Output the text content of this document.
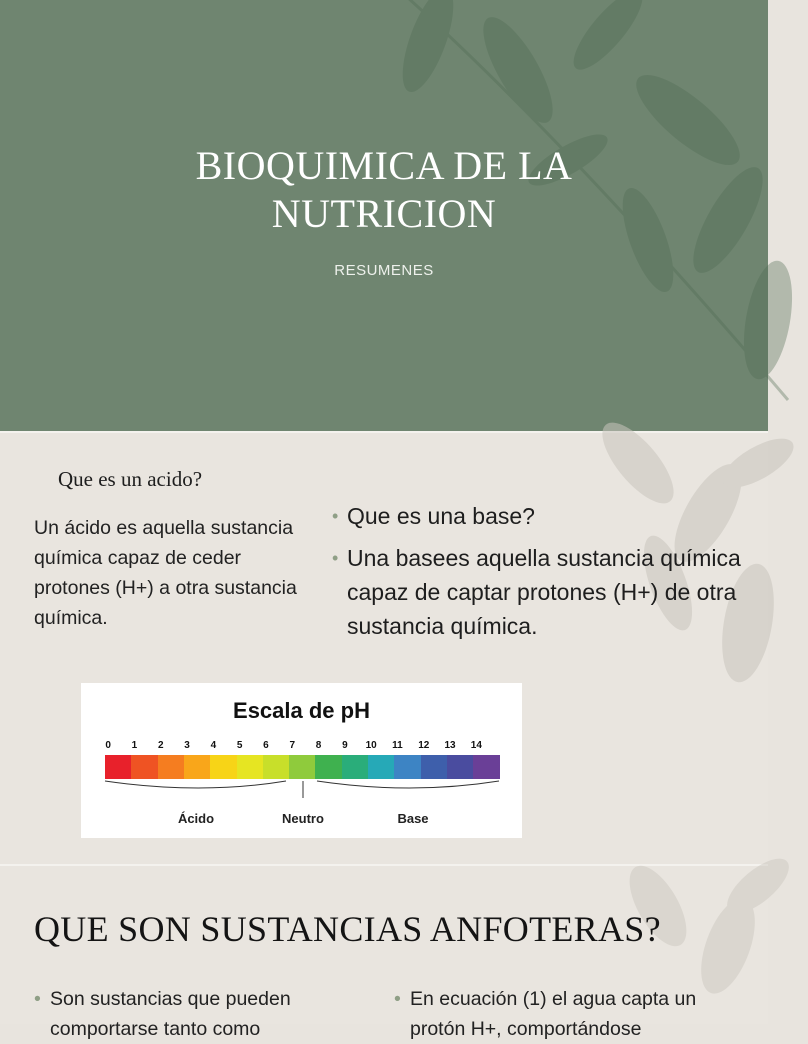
BIOQUIMICA DE LA
NUTRICION
RESUMENES
Que es un acido?
Un ácido es aquella sustancia química capaz de ceder protones (H+) a otra sustancia química.
• Que es una base?
• Una basees aquella sustancia química capaz de captar protones (H+) de otra sustancia química.
Escala de pH
Ácido	Neutro	Base
0	1	2	3	4	5	6	7	8	9	10	11	12	13	14
QUE SON SUSTANCIAS ANFOTERAS?
• Son sustancias que pueden comportarse tanto como
• En ecuación (1) el agua capta un protón H+, comportándose
